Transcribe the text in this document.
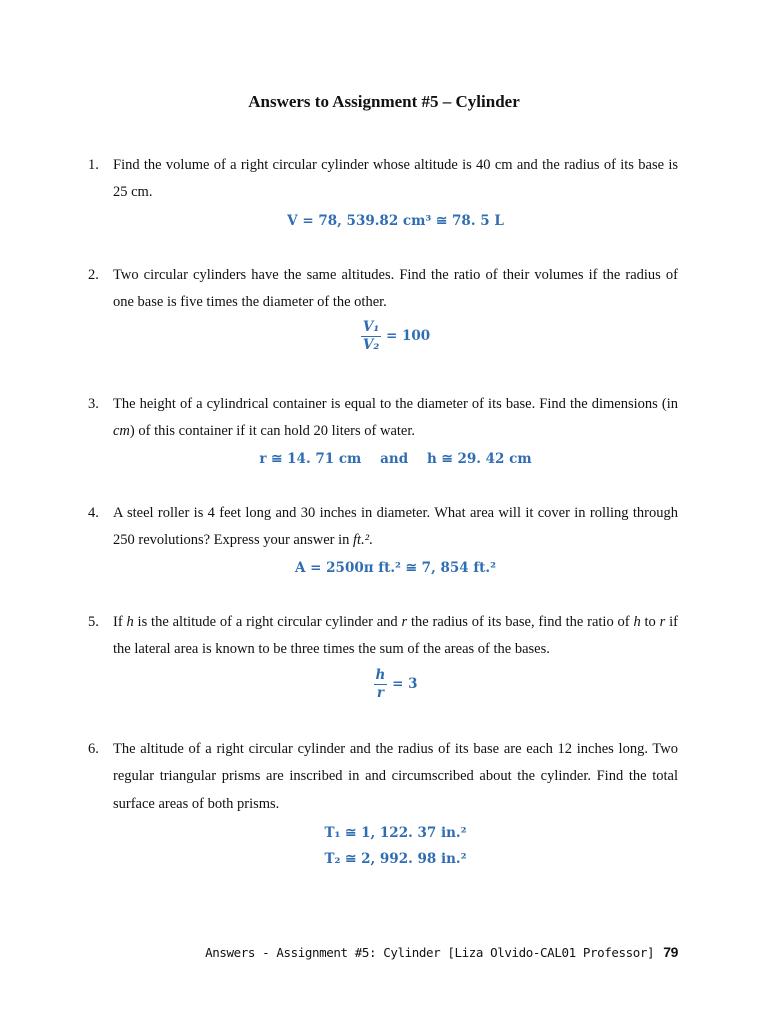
Answers to Assignment #5 – Cylinder
1. Find the volume of a right circular cylinder whose altitude is 40 cm and the radius of its base is 25 cm.
V = 78, 539.82 cm³ ≅ 78. 5 L
2. Two circular cylinders have the same altitudes. Find the ratio of their volumes if the radius of one base is five times the diameter of the other.
$\frac{\text{V₁}}{\text{V₂}} = 100$
3. The height of a cylindrical container is equal to the diameter of its base. Find the dimensions (in cm) of this container if it can hold 20 liters of water.
r ≅ 14. 71 cm    and    h ≅ 29. 42 cm
4. A steel roller is 4 feet long and 30 inches in diameter. What area will it cover in rolling through 250 revolutions? Express your answer in ft.².
A = 2500π ft.² ≅ 7, 854 ft.²
5. If h is the altitude of a right circular cylinder and r the radius of its base, find the ratio of h to r if the lateral area is known to be three times the sum of the areas of the bases.
$\frac{h}{r} = 3$
6. The altitude of a right circular cylinder and the radius of its base are each 12 inches long. Two regular triangular prisms are inscribed in and circumscribed about the cylinder. Find the total surface areas of both prisms.
T₁ ≅ 1, 122. 37 in.²
T₂ ≅ 2, 992. 98 in.²
Answers - Assignment #5: Cylinder [Liza Olvido-CAL01 Professor] 79
